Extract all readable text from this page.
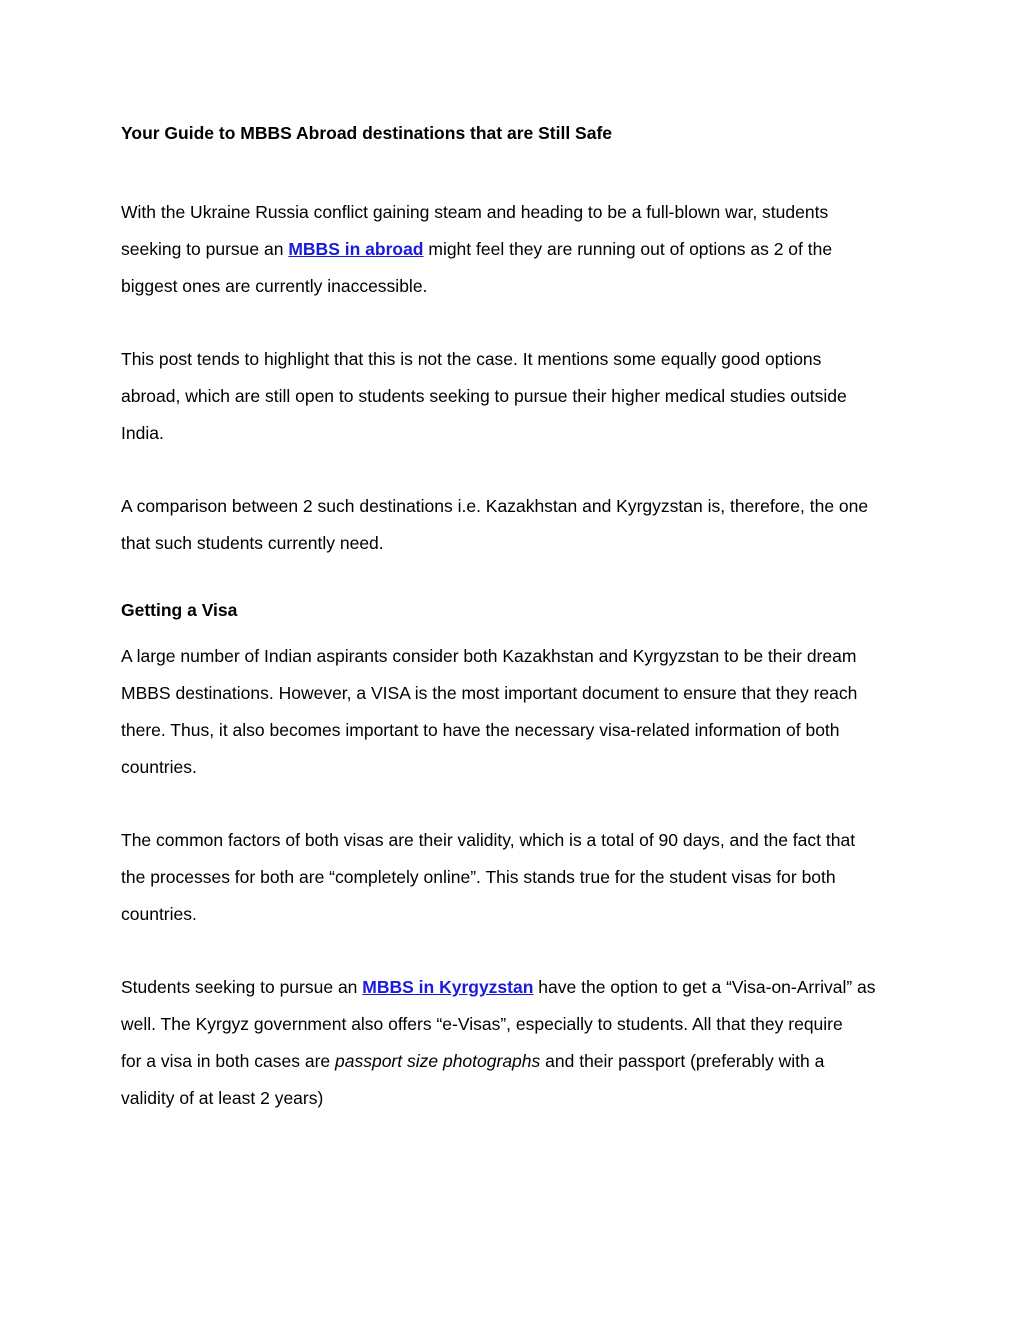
Your Guide to MBBS Abroad destinations that are Still Safe
With the Ukraine Russia conflict gaining steam and heading to be a full-blown war, students
seeking to pursue an MBBS in abroad might feel they are running out of options as 2 of the
biggest ones are currently inaccessible.
This post tends to highlight that this is not the case. It mentions some equally good options
abroad, which are still open to students seeking to pursue their higher medical studies outside
India.
A comparison between 2 such destinations i.e. Kazakhstan and Kyrgyzstan is, therefore, the one
that such students currently need.
Getting a Visa
A large number of Indian aspirants consider both Kazakhstan and Kyrgyzstan to be their dream
MBBS destinations. However, a VISA is the most important document to ensure that they reach
there. Thus, it also becomes important to have the necessary visa-related information of both
countries.
The common factors of both visas are their validity, which is a total of 90 days, and the fact that
the processes for both are “completely online”. This stands true for the student visas for both
countries.
Students seeking to pursue an MBBS in Kyrgyzstan have the option to get a “Visa-on-Arrival” as
well. The Kyrgyz government also offers “e-Visas”, especially to students. All that they require
for a visa in both cases are passport size photographs and their passport (preferably with a
validity of at least 2 years)
